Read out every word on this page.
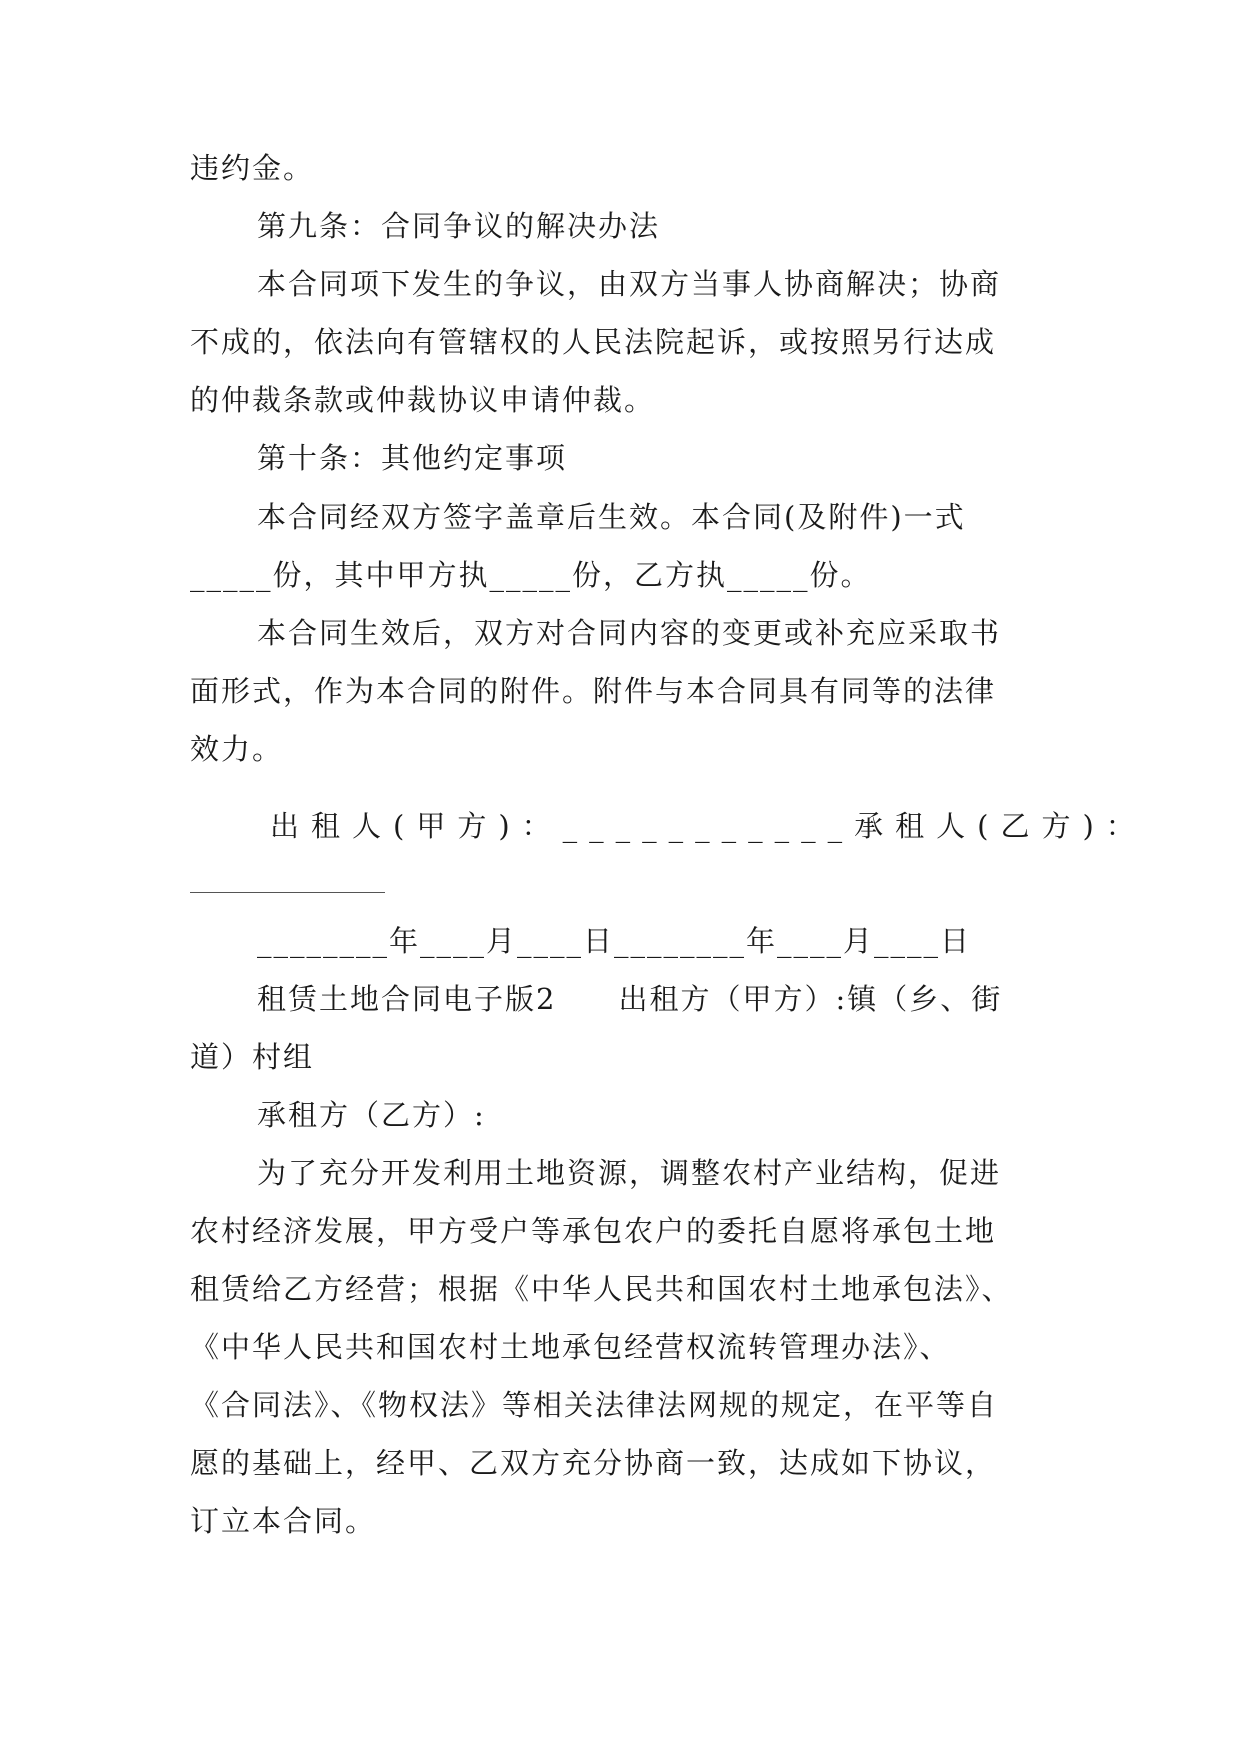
违约金。
第九条：合同争议的解决办法
本合同项下发生的争议，由双方当事人协商解决；协商
不成的，依法向有管辖权的人民法院起诉，或按照另行达成
的仲裁条款或仲裁协议申请仲裁。
第十条：其他约定事项
本合同经双方签字盖章后生效。本合同(及附件)一式
_____份，其中甲方执_____份，乙方执_____份。
本合同生效后，双方对合同内容的变更或补充应采取书
面形式，作为本合同的附件。附件与本合同具有同等的法律
效力。
出租人(甲方)：___________承租人(乙方)：
________年____月____日________年____月____日
租赁土地合同电子版2　　出租方（甲方）:镇（乡、街
道）村组
承租方（乙方）:
为了充分开发利用土地资源，调整农村产业结构，促进
农村经济发展，甲方受户等承包农户的委托自愿将承包土地
租赁给乙方经营；根据《中华人民共和国农村土地承包法》、
《中华人民共和国农村土地承包经营权流转管理办法》、
《合同法》、《物权法》等相关法律法网规的规定，在平等自
愿的基础上，经甲、乙双方充分协商一致，达成如下协议，
订立本合同。
